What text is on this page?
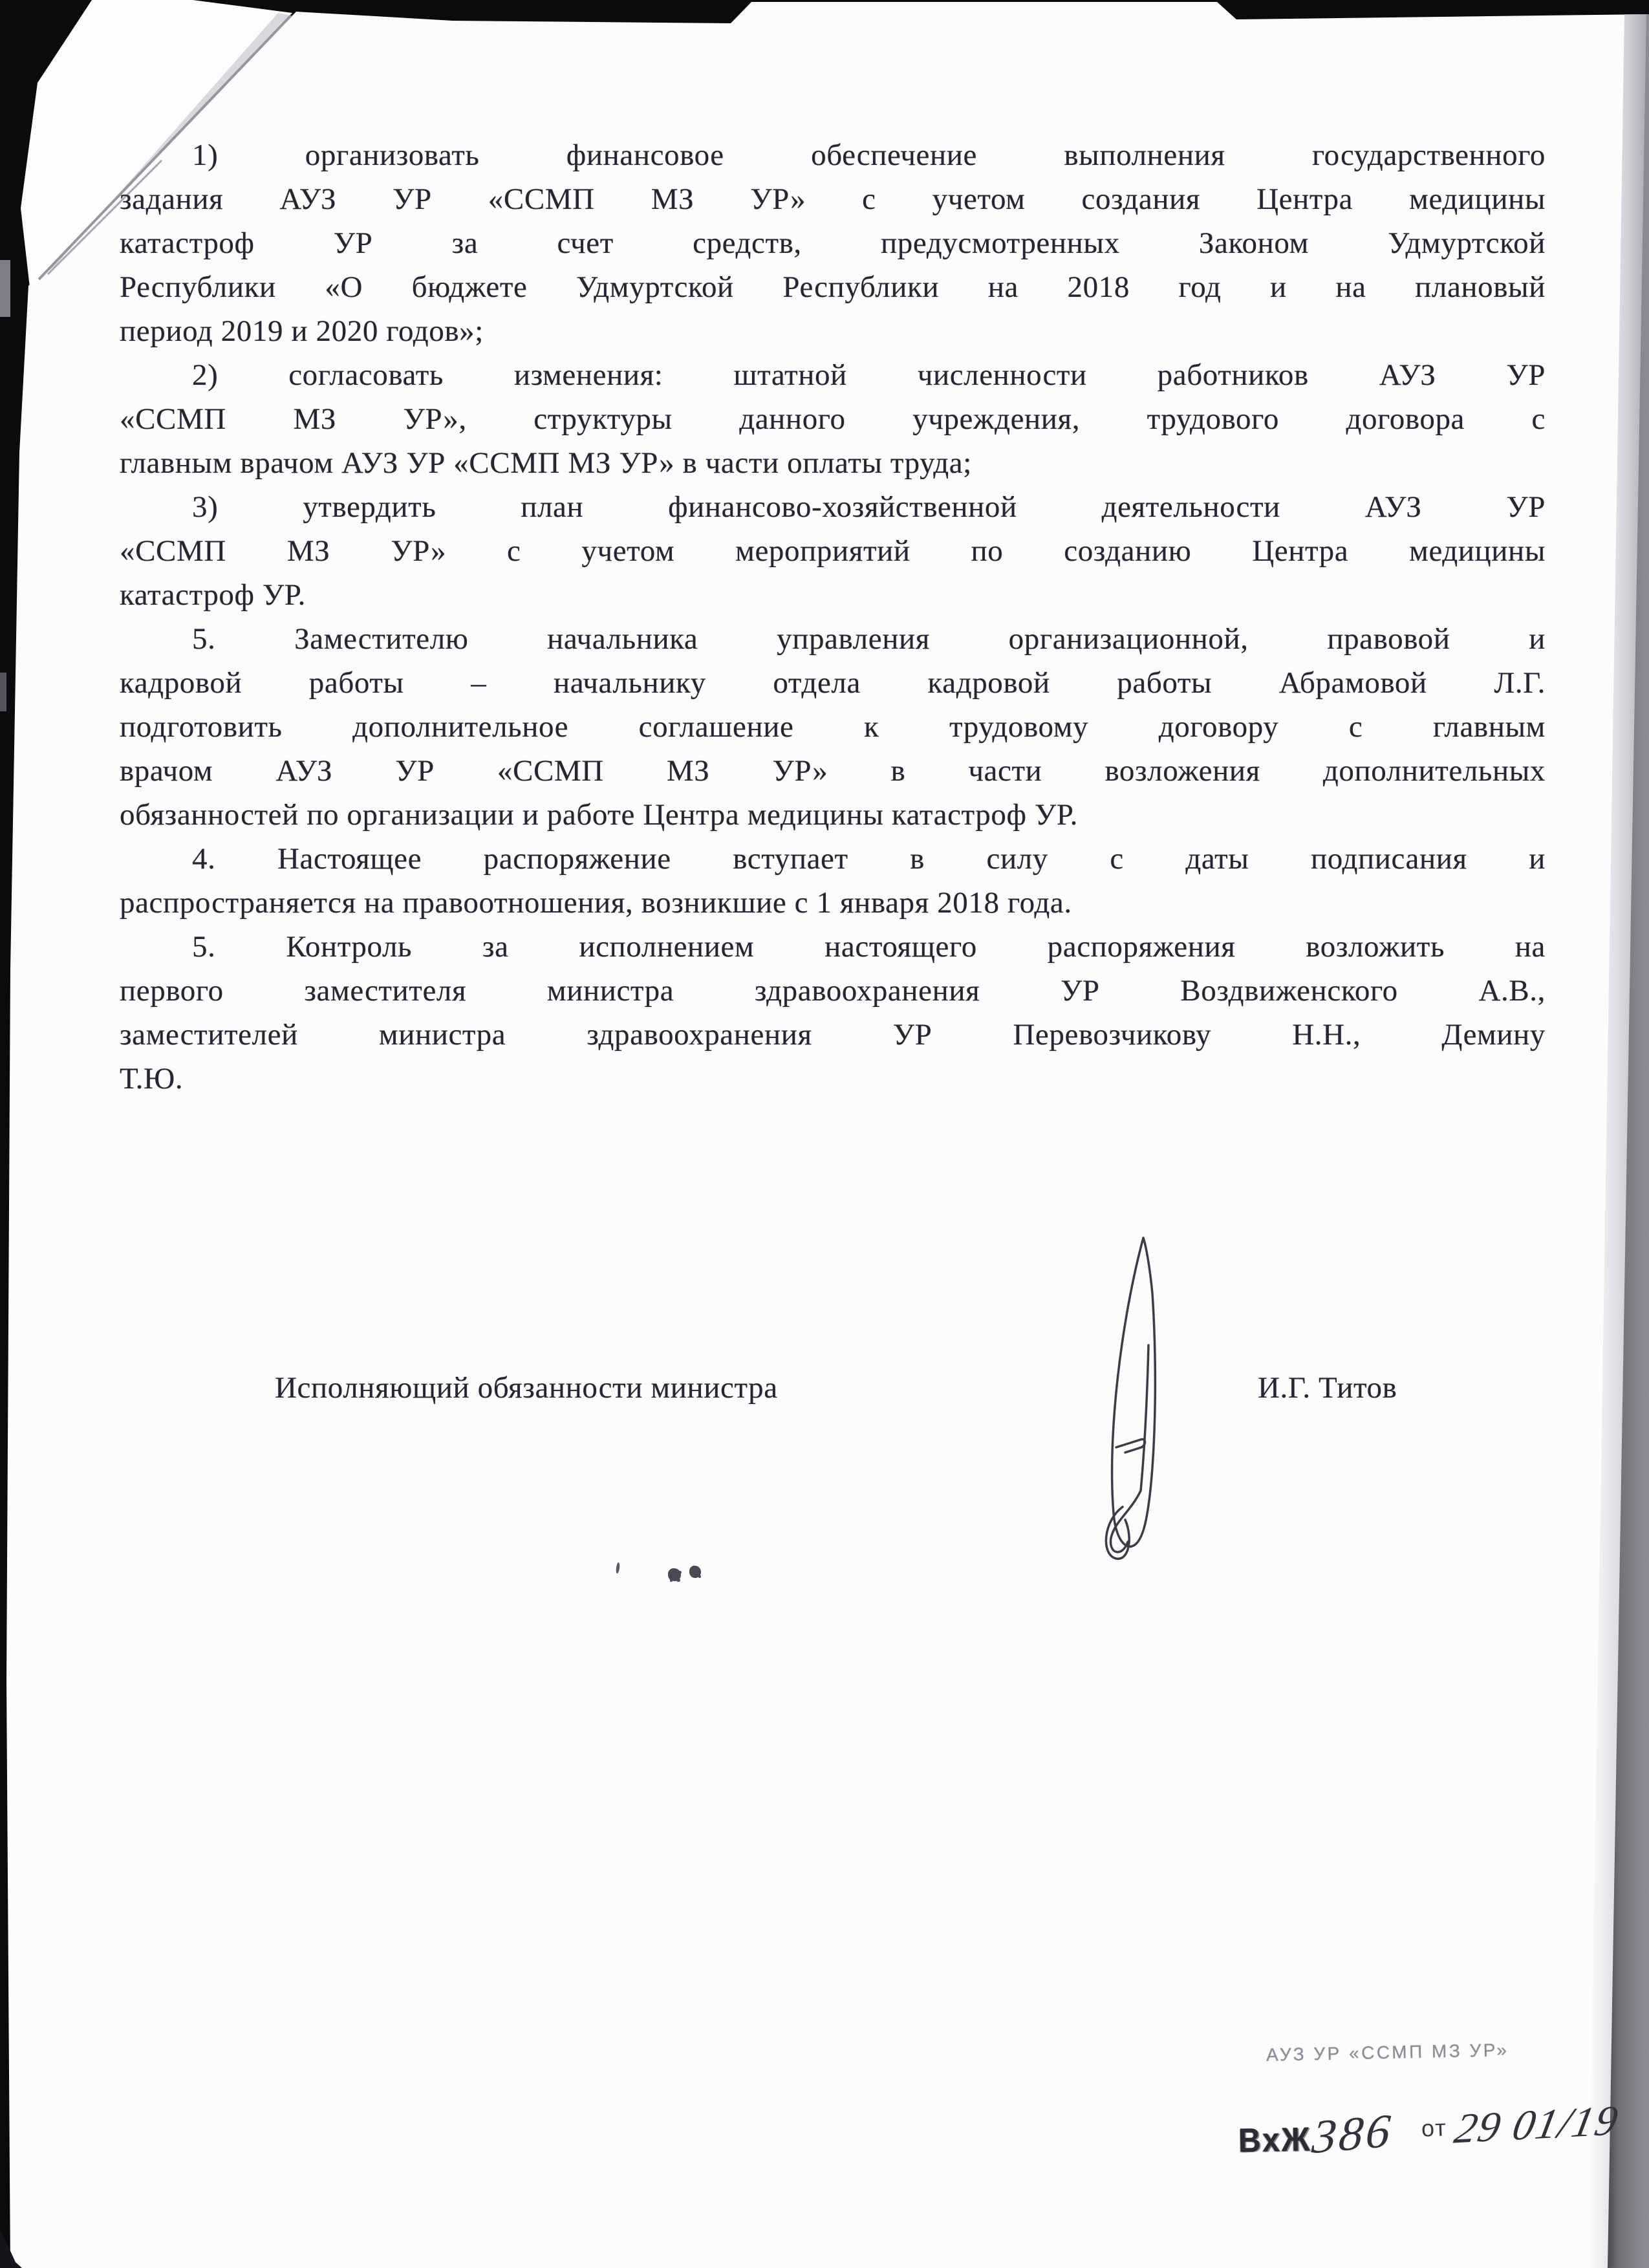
1) организовать финансовое обеспечение выполнения государственного
задания АУЗ УР «ССМП МЗ УР» с учетом создания Центра медицины
катастроф УР за счет средств, предусмотренных Законом Удмуртской
Республики «О бюджете Удмуртской Республики на 2018 год и на плановый
период 2019 и 2020 годов»;
2) согласовать изменения: штатной численности работников АУЗ УР
«ССМП МЗ УР», структуры данного учреждения, трудового договора с
главным врачом АУЗ УР «ССМП МЗ УР» в части оплаты труда;
3) утвердить план финансово-хозяйственной деятельности АУЗ УР
«ССМП МЗ УР» с учетом мероприятий по созданию Центра медицины
катастроф УР.
5. Заместителю начальника управления организационной, правовой и
кадровой работы – начальнику отдела кадровой работы Абрамовой Л.Г.
подготовить дополнительное соглашение к трудовому договору с главным
врачом АУЗ УР «ССМП МЗ УР» в части возложения дополнительных
обязанностей по организации и работе Центра медицины катастроф УР.
4. Настоящее распоряжение вступает в силу с даты подписания и
распространяется на правоотношения, возникшие с 1 января 2018 года.
5. Контроль за исполнением настоящего распоряжения возложить на
первого заместителя министра здравоохранения УР Воздвиженского А.В.,
заместителей министра здравоохранения УР Перевозчикову Н.Н., Демину
Т.Ю.
Исполняющий обязанности министра	И.Г. Титов
АУЗ УР «ССМП МЗ УР»
ВхЖ
386 от 29 01/19
